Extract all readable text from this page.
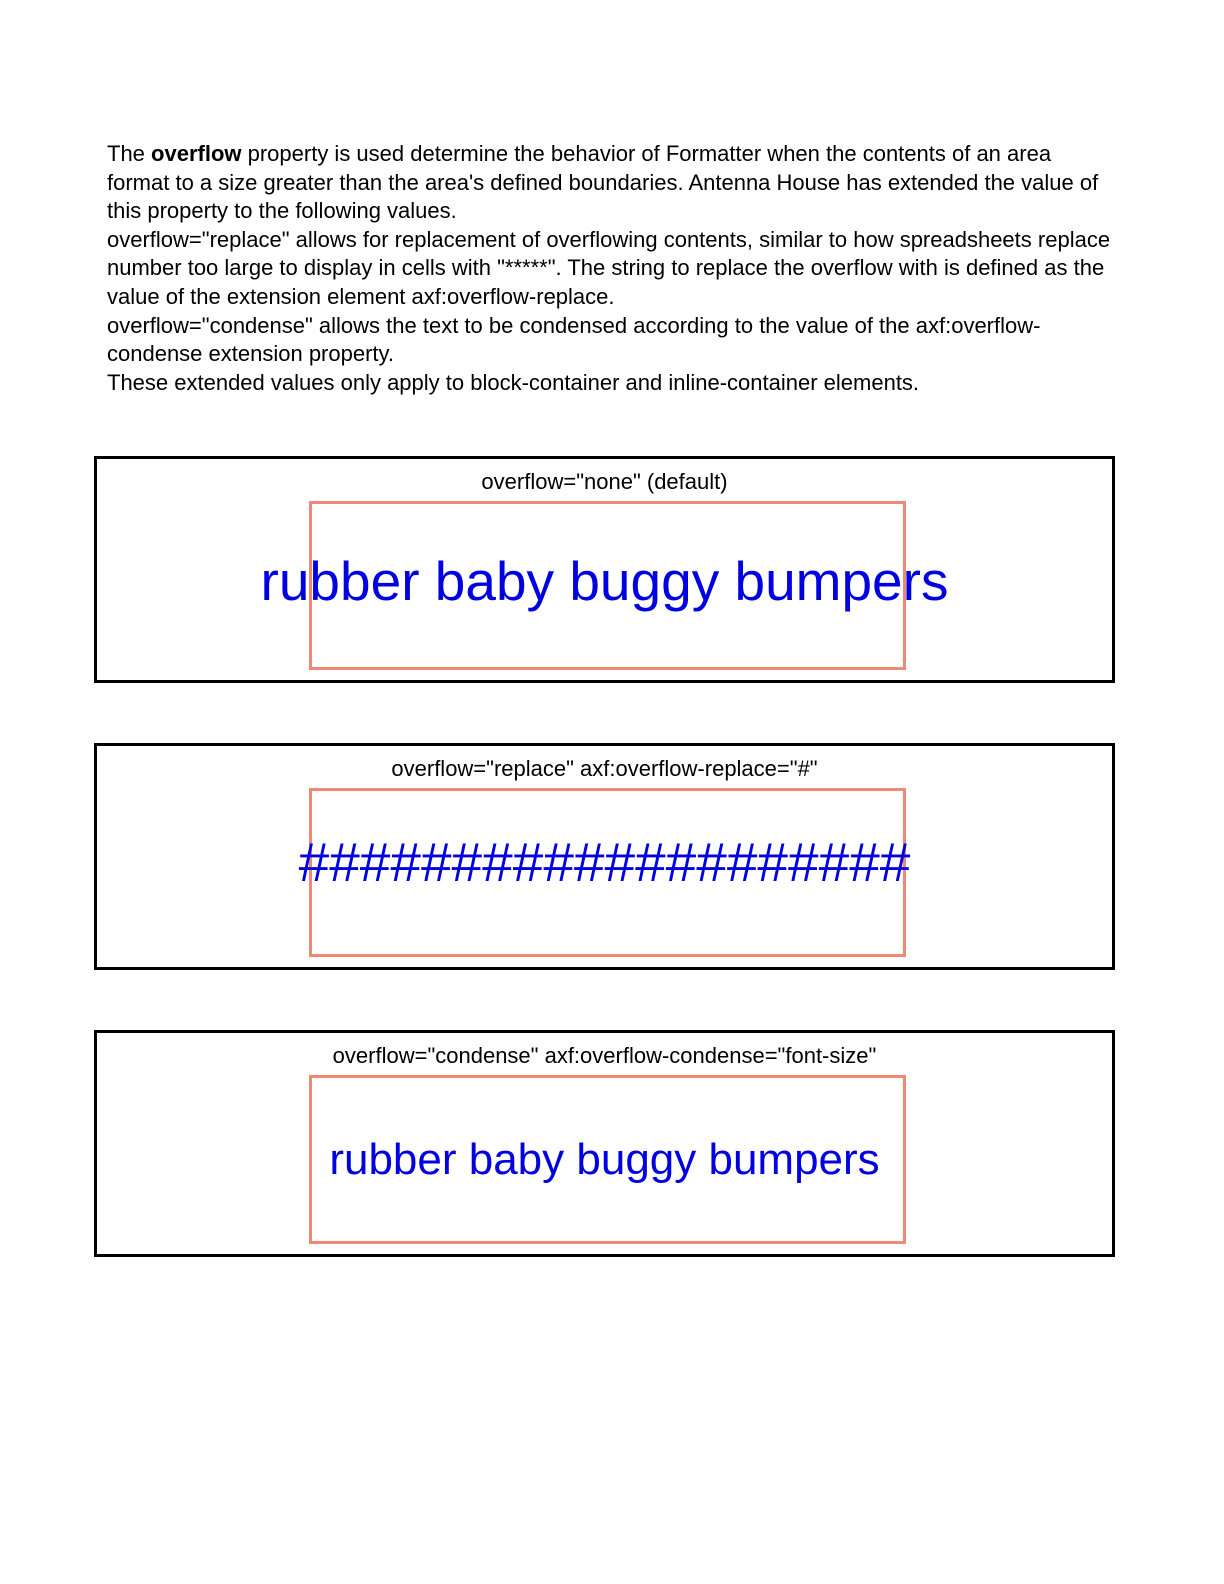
The overflow property is used determine the behavior of Formatter when the contents of an area format to a size greater than the area's defined boundaries. Antenna House has extended the value of this property to the following values.

overflow="replace" allows for replacement of overflowing contents, similar to how spreadsheets replace number too large to display in cells with "*****". The string to replace the overflow with is defined as the value of the extension element axf:overflow-replace.

overflow="condense" allows the text to be condensed according to the value of the axf:overflow-condense extension property.

These extended values only apply to block-container and inline-container elements.

overflow="none" (default)
rubber baby buggy bumpers
overflow="replace" axf:overflow-replace="#"
####################
overflow="condense" axf:overflow-condense="font-size"
rubber baby buggy bumpers
